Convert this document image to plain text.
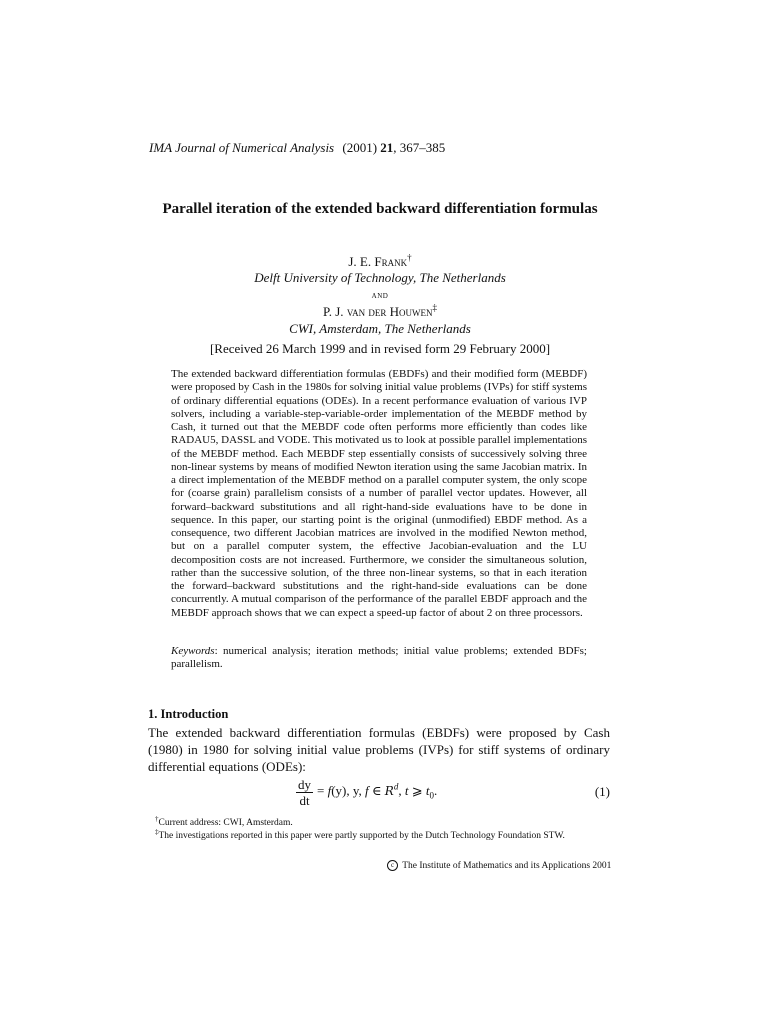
IMA Journal of Numerical Analysis (2001) 21, 367–385
Parallel iteration of the extended backward differentiation formulas
J. E. Frank†
Delft University of Technology, The Netherlands
and
P. J. van der Houwen‡
CWI, Amsterdam, The Netherlands
[Received 26 March 1999 and in revised form 29 February 2000]
The extended backward differentiation formulas (EBDFs) and their modified form (MEBDF) were proposed by Cash in the 1980s for solving initial value problems (IVPs) for stiff systems of ordinary differential equations (ODEs). In a recent performance evaluation of various IVP solvers, including a variable-step-variable-order implementation of the MEBDF method by Cash, it turned out that the MEBDF code often performs more efficiently than codes like RADAU5, DASSL and VODE. This motivated us to look at possible parallel implementations of the MEBDF method. Each MEBDF step essentially consists of successively solving three non-linear systems by means of modified Newton iteration using the same Jacobian matrix. In a direct implementation of the MEBDF method on a parallel computer system, the only scope for (coarse grain) parallelism consists of a number of parallel vector updates. However, all forward–backward substitutions and all right-hand-side evaluations have to be done in sequence. In this paper, our starting point is the original (unmodified) EBDF method. As a consequence, two different Jacobian matrices are involved in the modified Newton method, but on a parallel computer system, the effective Jacobian-evaluation and the LU decomposition costs are not increased. Furthermore, we consider the simultaneous solution, rather than the successive solution, of the three non-linear systems, so that in each iteration the forward–backward substitutions and the right-hand-side evaluations can be done concurrently. A mutual comparison of the performance of the parallel EBDF approach and the MEBDF approach shows that we can expect a speed-up factor of about 2 on three processors.
Keywords: numerical analysis; iteration methods; initial value problems; extended BDFs; parallelism.
1. Introduction
The extended backward differentiation formulas (EBDFs) were proposed by Cash (1980) in 1980 for solving initial value problems (IVPs) for stiff systems of ordinary differential equations (ODEs):
$\frac{dy}{dt} = f(y)$, y, f ∈ $R^d$, t ⩾ $t_0$.	(1)
†Current address: CWI, Amsterdam.
‡The investigations reported in this paper were partly supported by the Dutch Technology Foundation STW.
c The Institute of Mathematics and its Applications 2001
